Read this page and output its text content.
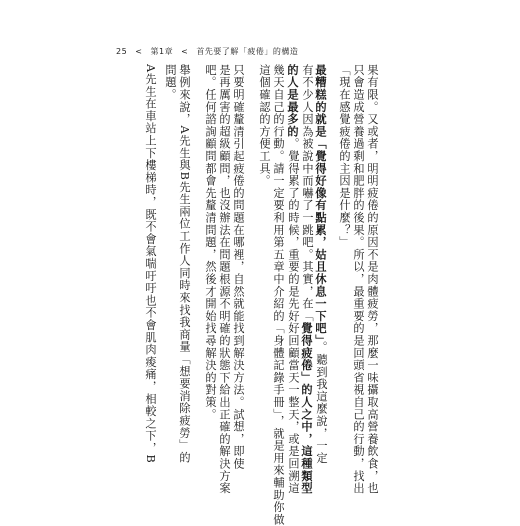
25 < 第1章 < 首先要了解「疲倦」的構造
果有限。又或者，明明疲倦的原因不是肉體疲勞，那麼一味攝取高營養飲食，也
只會造成營養過剩和肥胖的後果。所以，最重要的是回頭省視自己的行動，找出
「現在感覺疲倦的主因是什麼？」
最糟糕的就是「覺得好像有點累，姑且休息一下吧」。聽到我這麼說，一定
有不少人因為被說中而嚇了一跳吧。其實，在「覺得疲倦」的人之中，這種類型
的人是最多的。覺得累了的時候，重要的是先好好回顧當天一整天，或是回溯這
幾天自己的行動。請一定要利用第五章中介紹的「身體記錄手冊」，就是用來輔助你做
這個確認的方便工具。
只要明確釐清引起疲倦的問題在哪裡，自然就能找到解決方法。試想，即使
是再厲害的超級顧問，也沒辦法在問題根源不明確的狀態下給出正確的解決方案
吧。任何諮詢顧問都會先釐清問題，然後才開始找尋解決的對策。
舉例來說，A先生與B先生兩位工作人同時來找我商量「想要消除疲勞」的
問題。
A先生在車站上下樓梯時，既不會氣喘吁吁也不會肌肉痠痛，相較之下，B
